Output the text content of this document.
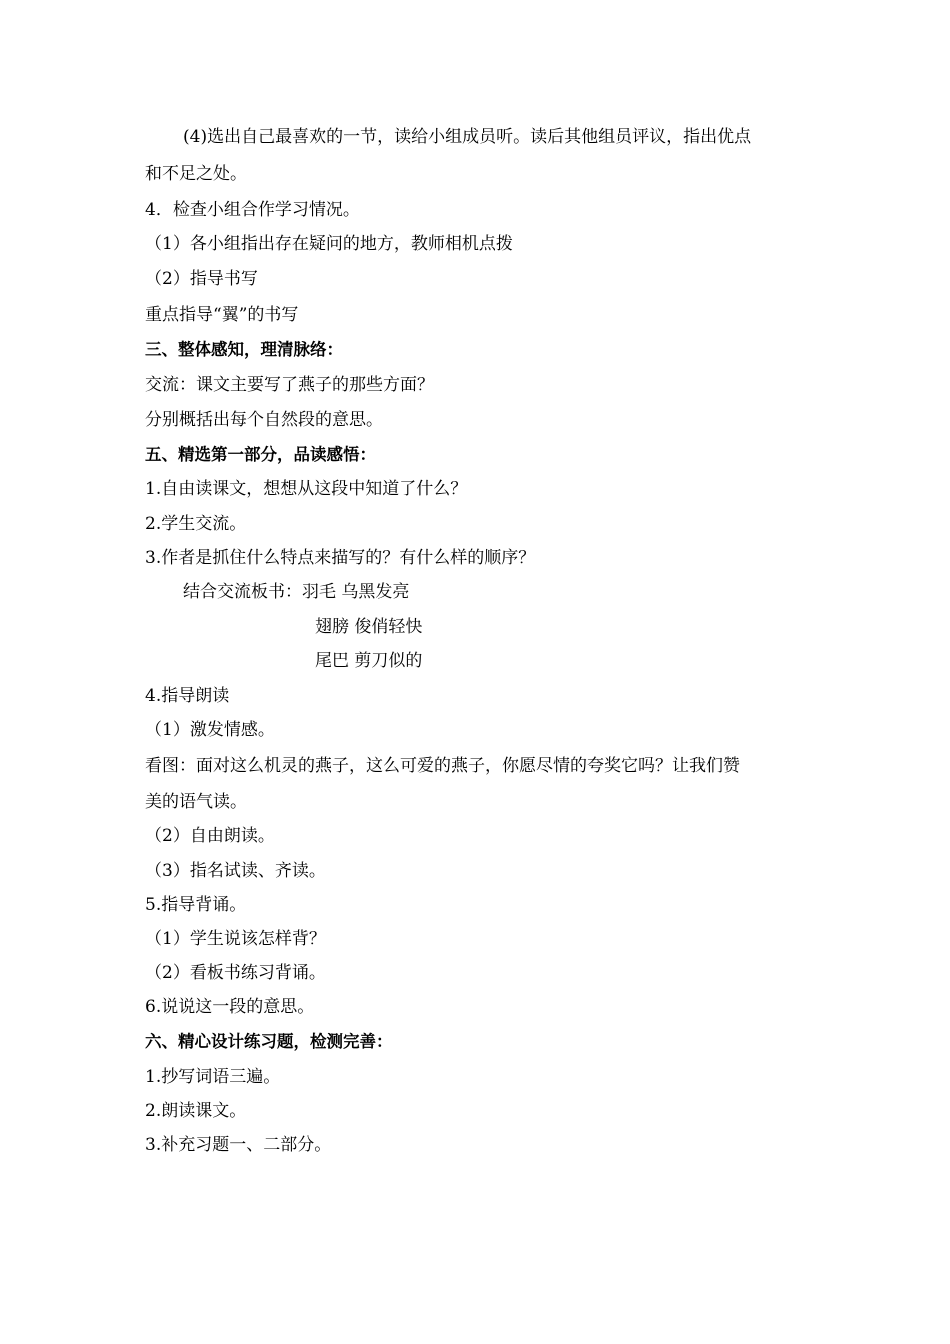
(4)选出自己最喜欢的一节，读给小组成员听。读后其他组员评议，指出优点
和不足之处。
4．检查小组合作学习情况。
（1）各小组指出存在疑问的地方，教师相机点拨
（2）指导书写
重点指导“翼”的书写
三、整体感知，理清脉络：
交流：课文主要写了燕子的那些方面？
分别概括出每个自然段的意思。
五、精选第一部分，品读感悟：
1.自由读课文，想想从这段中知道了什么？
2.学生交流。
3.作者是抓住什么特点来描写的？有什么样的顺序？
结合交流板书：羽毛 乌黑发亮
翅膀 俊俏轻快
尾巴 剪刀似的
4.指导朗读
（1）激发情感。
看图：面对这么机灵的燕子，这么可爱的燕子，你愿尽情的夸奖它吗？让我们赞
美的语气读。
（2）自由朗读。
（3）指名试读、齐读。
5.指导背诵。
（1）学生说该怎样背？
（2）看板书练习背诵。
6.说说这一段的意思。
六、精心设计练习题，检测完善：
1.抄写词语三遍。
2.朗读课文。
3.补充习题一、二部分。
